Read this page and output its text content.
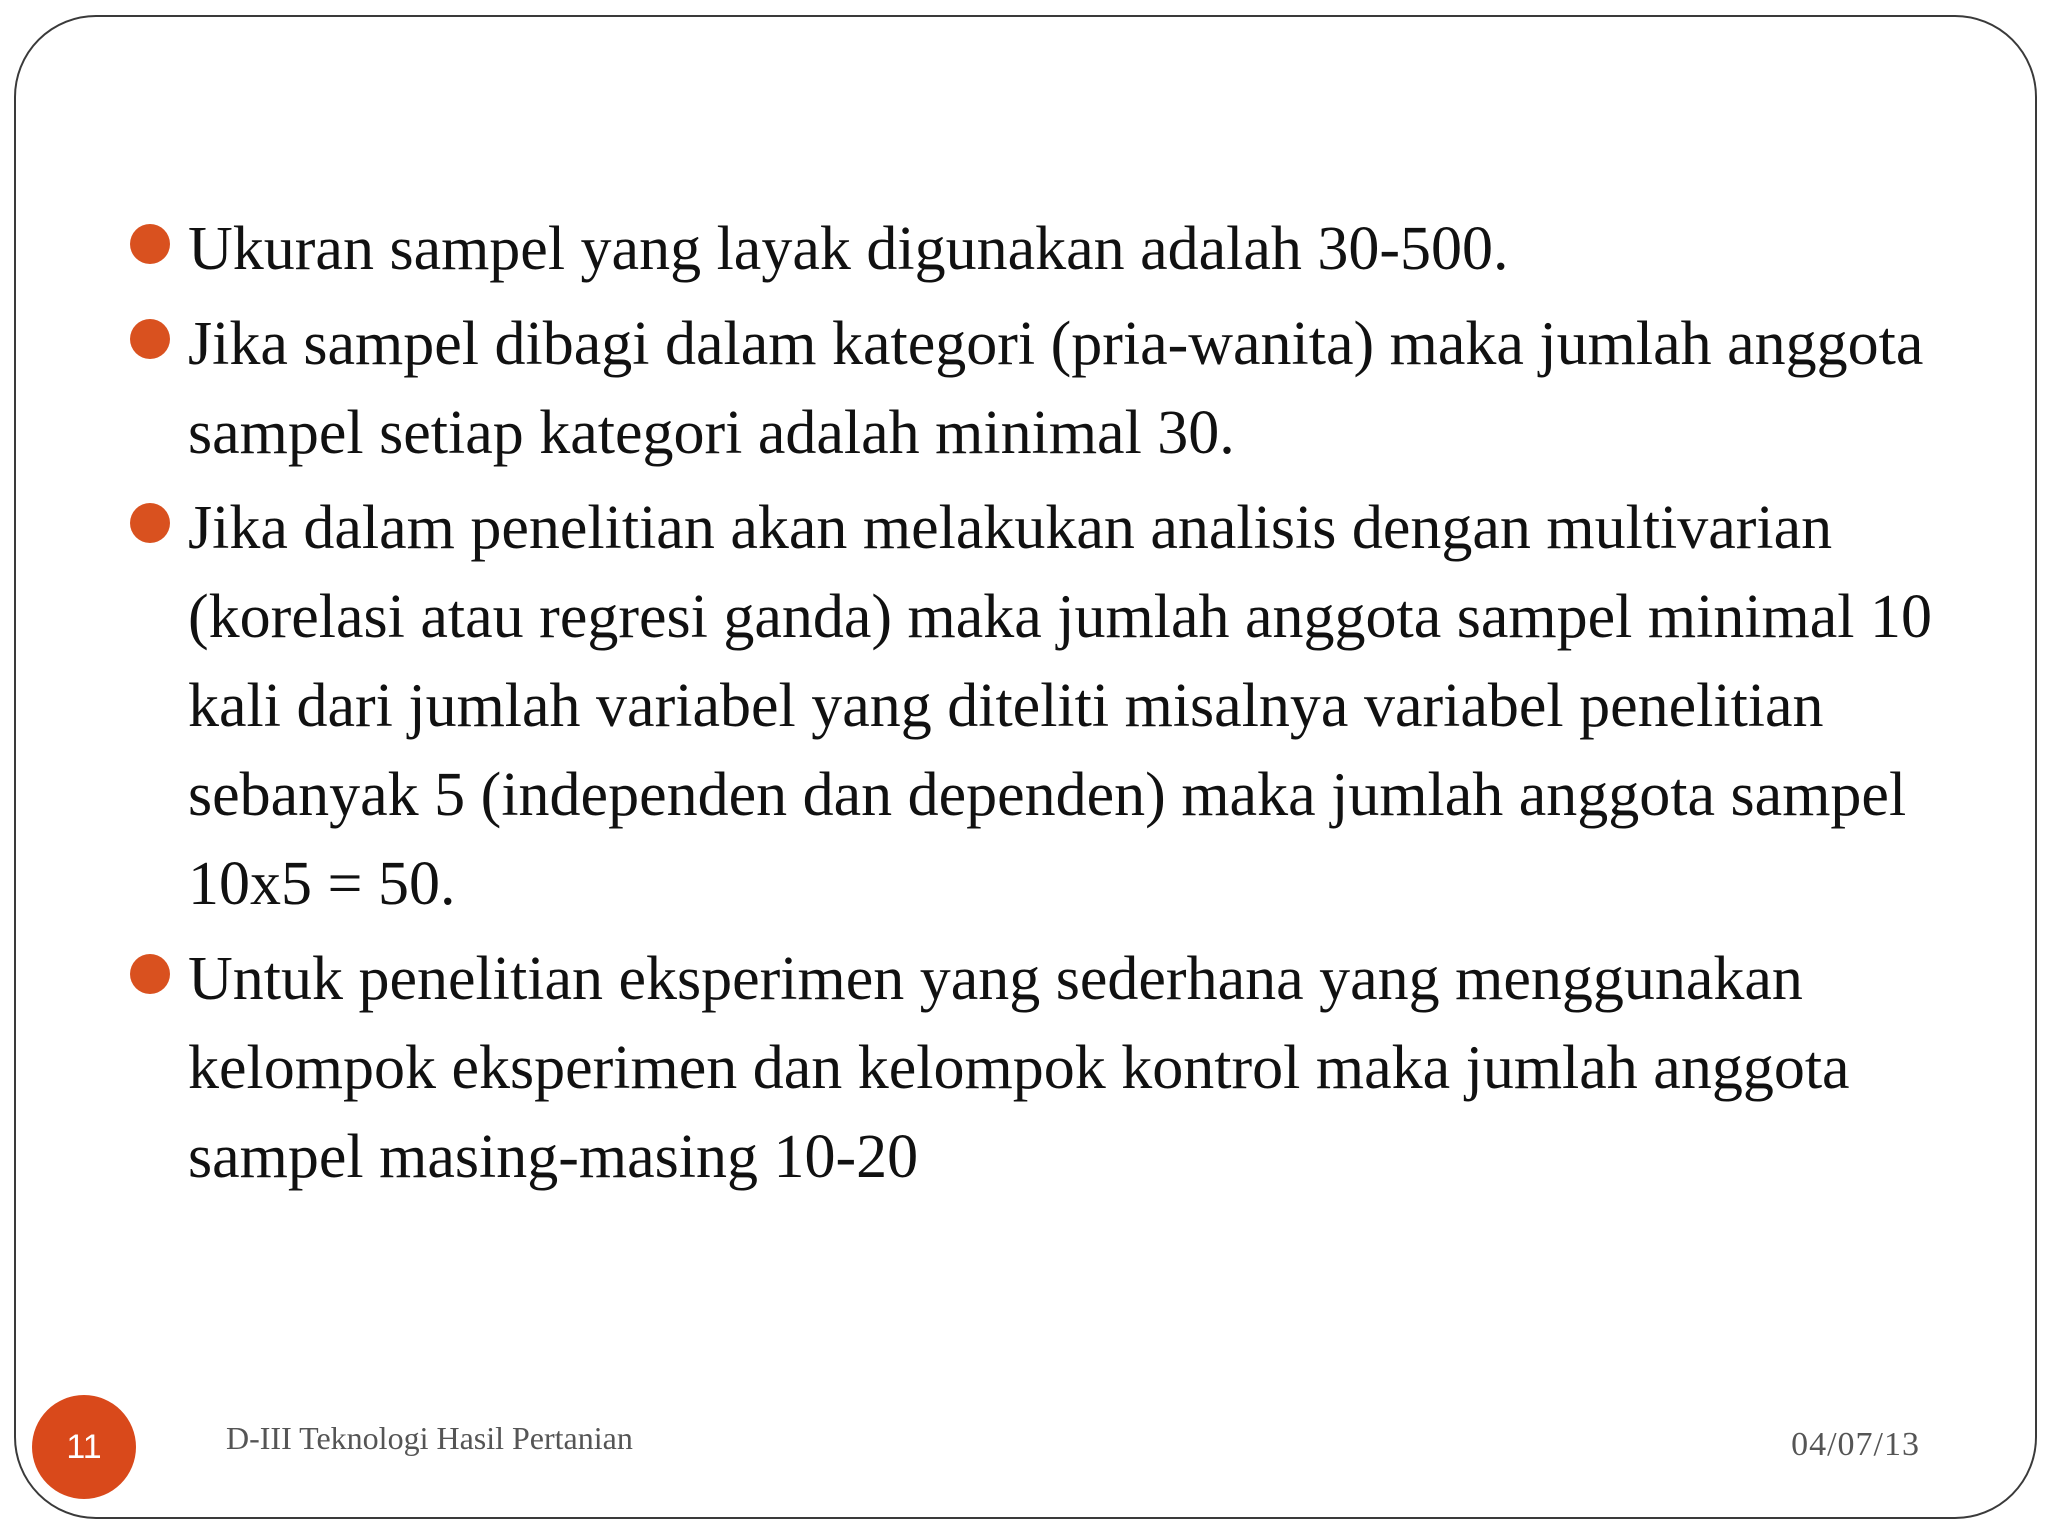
Ukuran sampel yang layak digunakan adalah 30-500.
Jika sampel dibagi dalam kategori (pria-wanita) maka jumlah anggota sampel setiap kategori adalah minimal 30.
Jika dalam penelitian akan melakukan analisis dengan multivarian (korelasi atau regresi ganda) maka jumlah anggota sampel minimal 10 kali dari jumlah variabel yang diteliti misalnya variabel penelitian sebanyak 5 (independen dan dependen) maka jumlah anggota sampel 10x5 = 50.
Untuk penelitian eksperimen yang sederhana yang menggunakan kelompok eksperimen dan kelompok kontrol maka jumlah anggota sampel masing-masing 10-20
11	D-III Teknologi Hasil Pertanian	04/07/13
